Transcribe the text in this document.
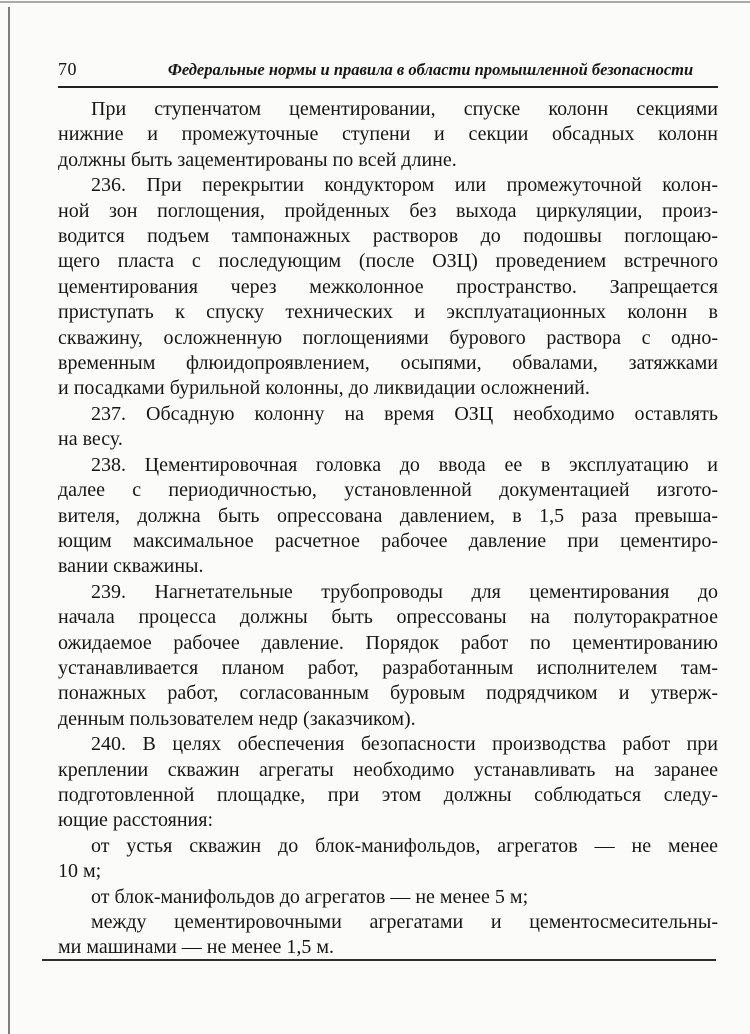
70	Федеральные нормы и правила в области промышленной безопасности
При ступенчатом цементировании, спуске колонн секциями
нижние и промежуточные ступени и секции обсадных колонн
должны быть зацементированы по всей длине.
236. При перекрытии кондуктором или промежуточной колон-
ной зон поглощения, пройденных без выхода циркуляции, произ-
водится подъем тампонажных растворов до подошвы поглощаю-
щего пласта с последующим (после ОЗЦ) проведением встречного
цементирования через межколонное пространство. Запрещается
приступать к спуску технических и эксплуатационных колонн в
скважину, осложненную поглощениями бурового раствора с одно-
временным флюидопроявлением, осыпями, обвалами, затяжками
и посадками бурильной колонны, до ликвидации осложнений.
237. Обсадную колонну на время ОЗЦ необходимо оставлять
на весу.
238. Цементировочная головка до ввода ее в эксплуатацию и
далее с периодичностью, установленной документацией изгото-
вителя, должна быть опрессована давлением, в 1,5 раза превыша-
ющим максимальное расчетное рабочее давление при цементиро-
вании скважины.
239. Нагнетательные трубопроводы для цементирования до
начала процесса должны быть опрессованы на полуторакратное
ожидаемое рабочее давление. Порядок работ по цементированию
устанавливается планом работ, разработанным исполнителем там-
понажных работ, согласованным буровым подрядчиком и утверж-
денным пользователем недр (заказчиком).
240. В целях обеспечения безопасности производства работ при
креплении скважин агрегаты необходимо устанавливать на заранее
подготовленной площадке, при этом должны соблюдаться следу-
ющие расстояния:
от устья скважин до блок-манифольдов, агрегатов — не менее
10 м;
от блок-манифольдов до агрегатов — не менее 5 м;
между цементировочными агрегатами и цементосмесительны-
ми машинами — не менее 1,5 м.
